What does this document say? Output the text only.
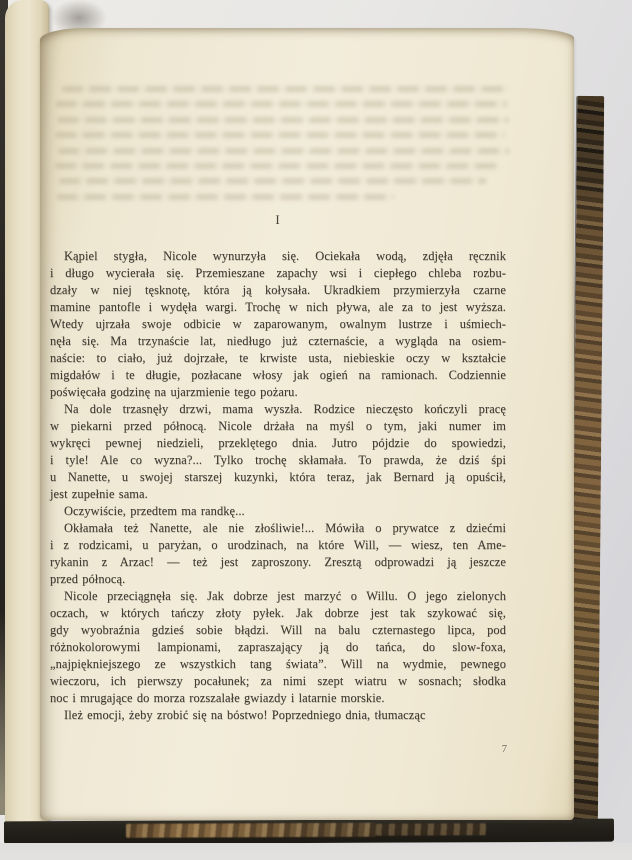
I
Kąpiel stygła, Nicole wynurzyła się. Ociekała wodą, zdjęła ręcznik
i długo wycierała się. Przemieszane zapachy wsi i ciepłego chleba rozbu-
dzały w niej tęsknotę, która ją kołysała. Ukradkiem przymierzyła czarne
mamine pantofle i wydęła wargi. Trochę w nich pływa, ale za to jest wyższa.
Wtedy ujrzała swoje odbicie w zaparowanym, owalnym lustrze i uśmiech-
nęła się. Ma trzynaście lat, niedługo już czternaście, a wygląda na osiem-
naście: to ciało, już dojrzałe, te krwiste usta, niebieskie oczy w kształcie
migdałów i te długie, pozłacane włosy jak ogień na ramionach. Codziennie
poświęcała godzinę na ujarzmienie tego pożaru.
Na dole trzasnęły drzwi, mama wyszła. Rodzice nieczęsto kończyli pracę
w piekarni przed północą. Nicole drżała na myśl o tym, jaki numer im
wykręci pewnej niedzieli, przeklętego dnia. Jutro pójdzie do spowiedzi,
i tyle! Ale co wyzna?... Tylko trochę skłamała. To prawda, że dziś śpi
u Nanette, u swojej starszej kuzynki, która teraz, jak Bernard ją opuścił,
jest zupełnie sama.
Oczywiście, przedtem ma randkę...
Okłamała też Nanette, ale nie złośliwie!... Mówiła o prywatce z dziećmi
i z rodzicami, u paryżan, o urodzinach, na które Will, — wiesz, ten Ame-
rykanin z Arzac! — też jest zaproszony. Zresztą odprowadzi ją jeszcze
przed północą.
Nicole przeciągnęła się. Jak dobrze jest marzyć o Willu. O jego zielonych
oczach, w których tańczy złoty pyłek. Jak dobrze jest tak szykować się,
gdy wyobraźnia gdzieś sobie błądzi. Will na balu czternastego lipca, pod
różnokolorowymi lampionami, zapraszający ją do tańca, do slow-foxa,
„najpiękniejszego ze wszystkich tang świata”. Will na wydmie, pewnego
wieczoru, ich pierwszy pocałunek; za nimi szept wiatru w sosnach; słodka
noc i mrugające do morza rozszalałe gwiazdy i latarnie morskie.
Ileż emocji, żeby zrobić się na bóstwo! Poprzedniego dnia, tłumacząc
7
